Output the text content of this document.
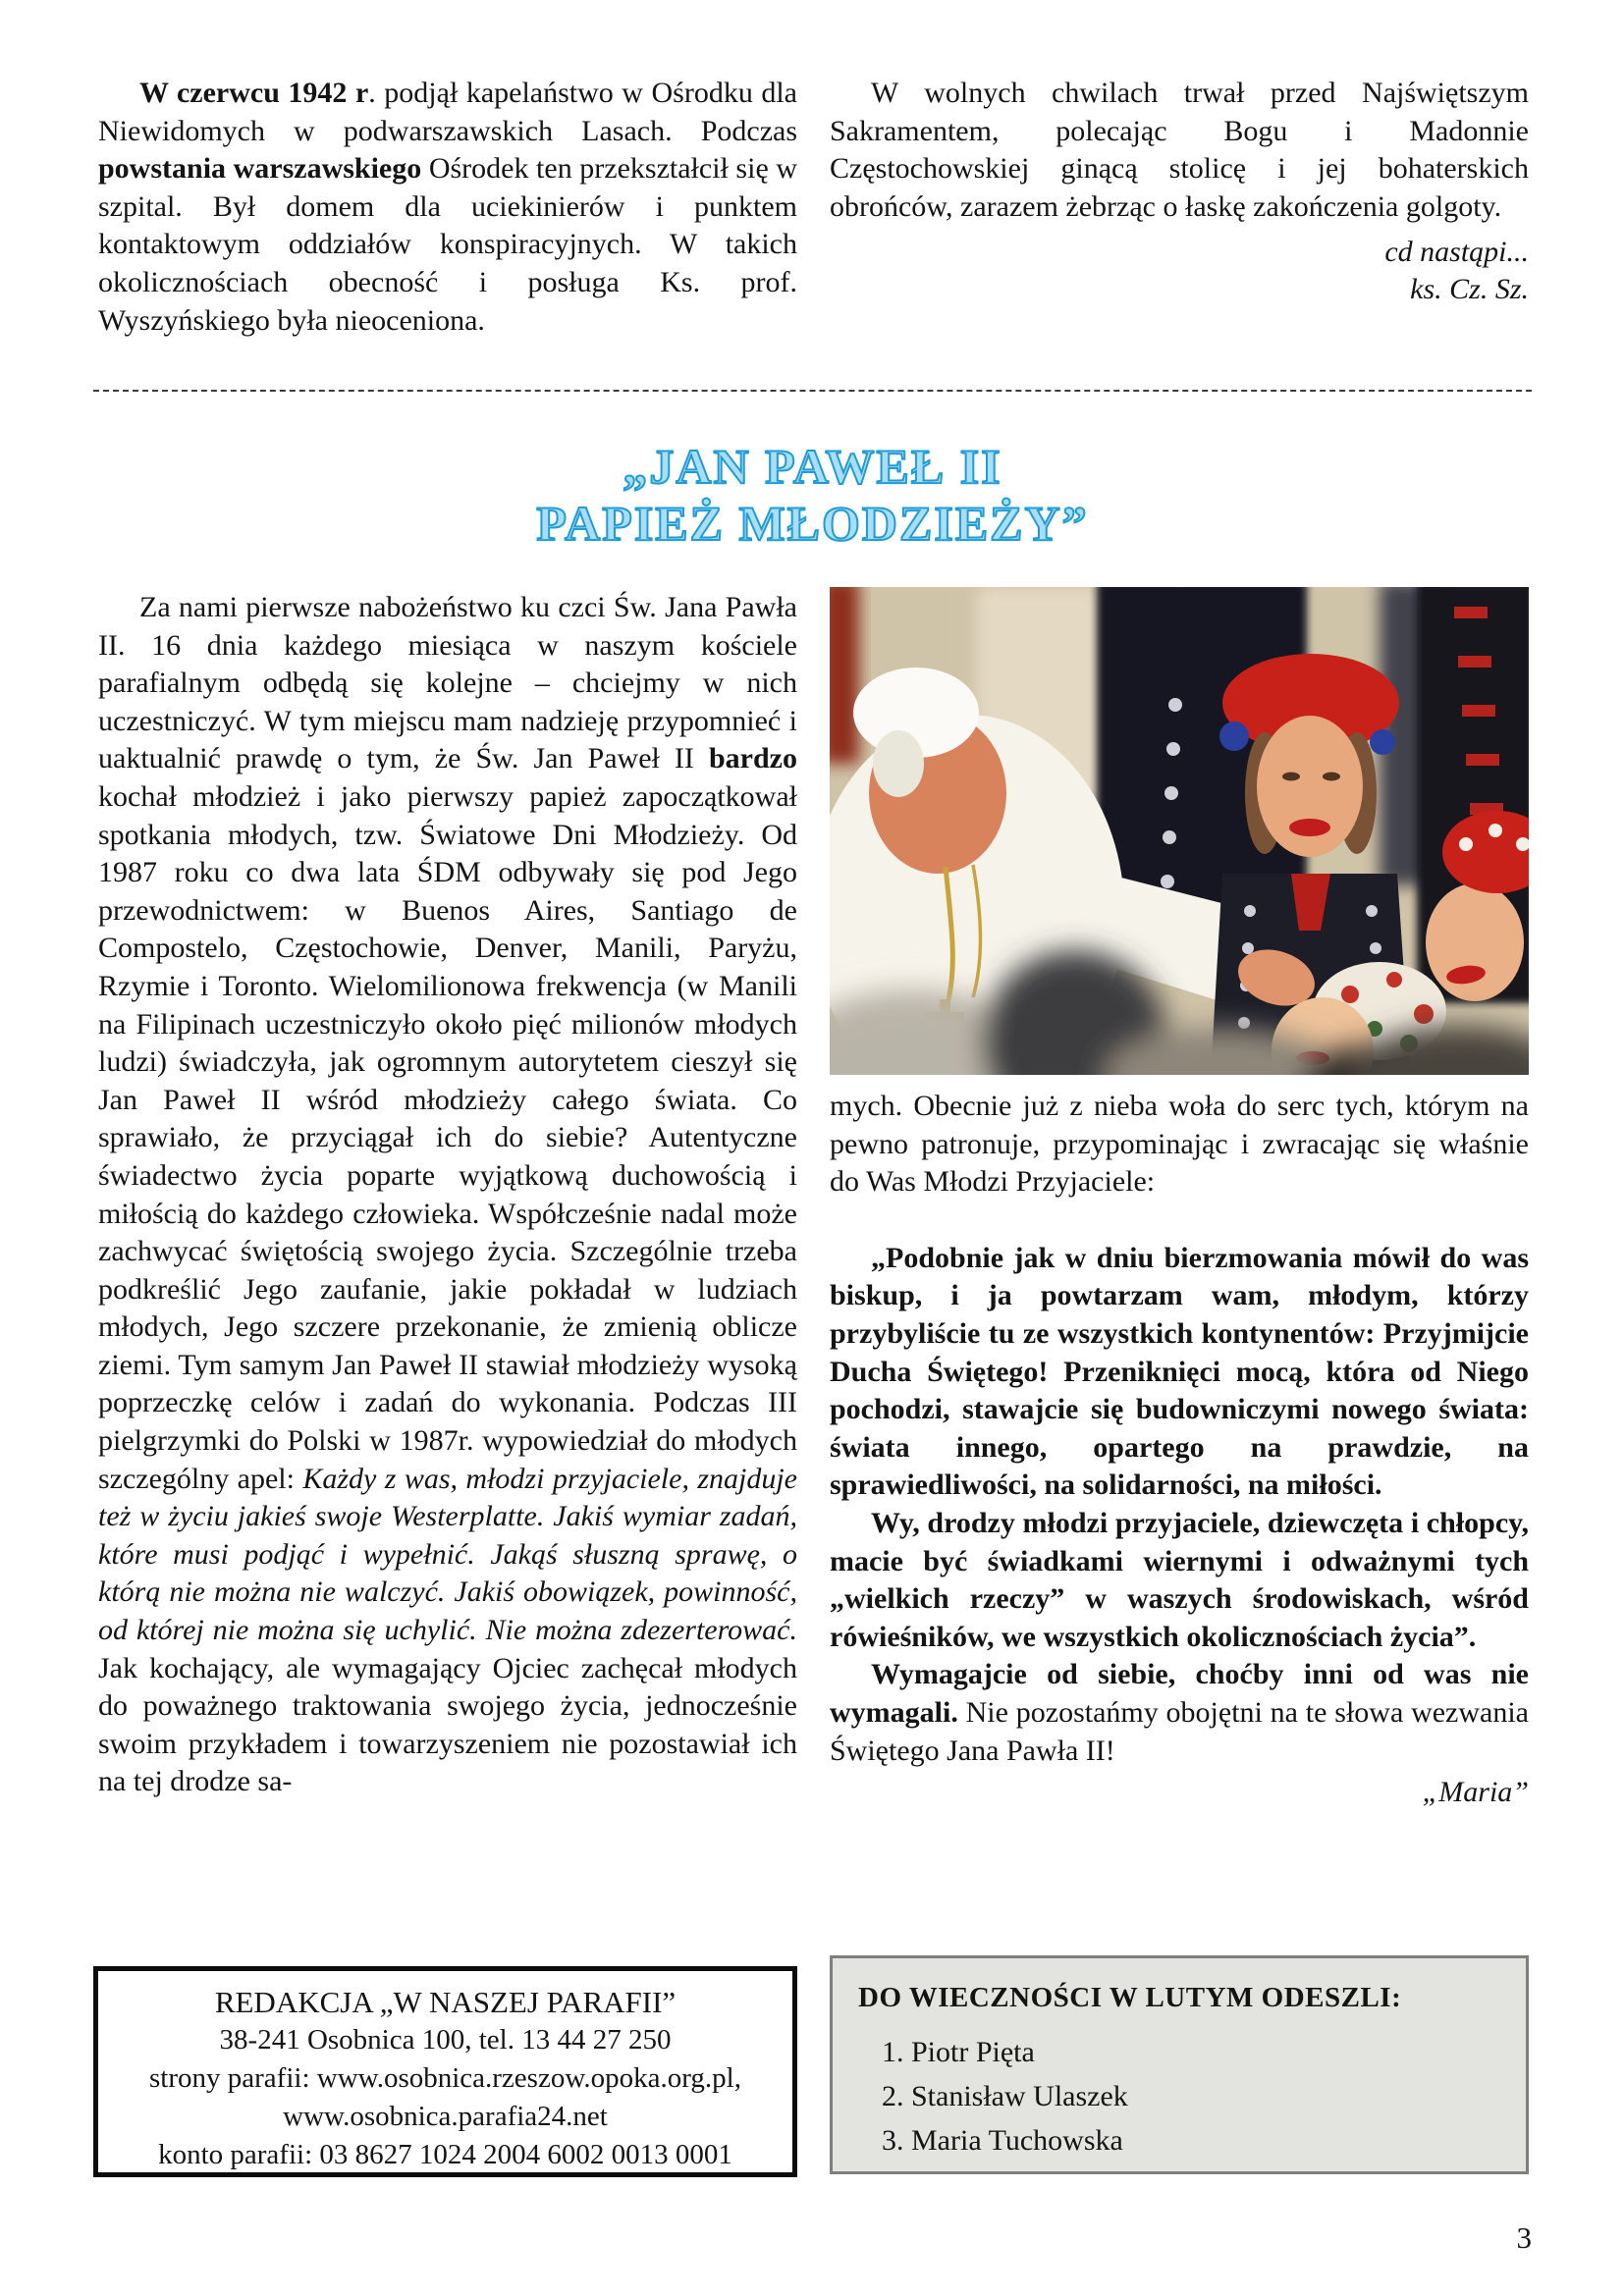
W czerwcu 1942 r. podjął kapelaństwo w Ośrodku dla Niewidomych w podwarszawskich Lasach. Podczas powstania warszawskiego Ośrodek ten przekształcił się w szpital. Był domem dla uciekinierów i punktem kontaktowym oddziałów konspiracyjnych. W takich okolicznościach obecność i posługa Ks. prof. Wyszyńskiego była nieoceniona.

W wolnych chwilach trwał przed Najświętszym Sakramentem, polecając Bogu i Madonnie Częstochowskiej ginącą stolicę i jej bohaterskich obrońców, zarazem żebrząc o łaskę zakończenia golgoty.

cd nastąpi...
ks. Cz. Sz.
„JAN PAWEŁ II
PAPIEŻ MŁODZIEŻY”

Za nami pierwsze nabożeństwo ku czci Św. Jana Pawła II. 16 dnia każdego miesiąca w naszym kościele parafialnym odbędą się kolejne – chciejmy w nich uczestniczyć. W tym miejscu mam nadzieję przypomnieć i uaktualnić prawdę o tym, że Św. Jan Paweł II bardzo kochał młodzież i jako pierwszy papież zapoczątkował spotkania młodych, tzw. Światowe Dni Młodzieży. Od 1987 roku co dwa lata ŚDM odbywały się pod Jego przewodnictwem: w Buenos Aires, Santiago de Compostelo, Częstochowie, Denver, Manili, Paryżu, Rzymie i Toronto. Wielomilionowa frekwencja (w Manili na Filipinach uczestniczyło około pięć milionów młodych ludzi) świadczyła, jak ogromnym autorytetem cieszył się Jan Paweł II wśród młodzieży całego świata. Co sprawiało, że przyciągał ich do siebie? Autentyczne świadectwo życia poparte wyjątkową duchowością i miłością do każdego człowieka. Współcześnie nadal może zachwycać świętością swojego życia. Szczególnie trzeba podkreślić Jego zaufanie, jakie pokładał w ludziach młodych, Jego szczere przekonanie, że zmienią oblicze ziemi. Tym samym Jan Paweł II stawiał młodzieży wysoką poprzeczkę celów i zadań do wykonania. Podczas III pielgrzymki do Polski w 1987r. wypowiedział do młodych szczególny apel: Każdy z was, młodzi przyjaciele, znajduje też w życiu jakieś swoje Westerplatte. Jakiś wymiar zadań, które musi podjąć i wypełnić. Jakąś słuszną sprawę, o którą nie można nie walczyć. Jakiś obowiązek, powinność, od której nie można się uchylić. Nie można zdezerterować. Jak kochający, ale wymagający Ojciec zachęcał młodych do poważnego traktowania swojego życia, jednocześnie swoim przykładem i towarzyszeniem nie pozostawiał ich na tej drodze sa-

mych. Obecnie już z nieba woła do serc tych, którym na pewno patronuje, przypominając i zwracając się właśnie do Was Młodzi Przyjaciele:

„Podobnie jak w dniu bierzmowania mówił do was biskup, i ja powtarzam wam, młodym, którzy przybyliście tu ze wszystkich kontynentów: Przyjmijcie Ducha Świętego! Przeniknięci mocą, która od Niego pochodzi, stawajcie się budowniczymi nowego świata: świata innego, opartego na prawdzie, na sprawiedliwości, na solidarności, na miłości.

Wy, drodzy młodzi przyjaciele, dziewczęta i chłopcy, macie być świadkami wiernymi i odważnymi tych „wielkich rzeczy” w waszych środowiskach, wśród rówieśników, we wszystkich okolicznościach życia”.

Wymagajcie od siebie, choćby inni od was nie wymagali. Nie pozostańmy obojętni na te słowa wezwania Świętego Jana Pawła II!

„Maria”
REDAKCJA „W NASZEJ PARAFII”
38-241 Osobnica 100, tel. 13 44 27 250
strony parafii: www.osobnica.rzeszow.opoka.org.pl,
www.osobnica.parafia24.net
konto parafii: 03 8627 1024 2004 6002 0013 0001
DO WIECZNOŚCI W LUTYM ODESZLI:
1. Piotr Pięta
2. Stanisław Ulaszek
3. Maria Tuchowska
3
